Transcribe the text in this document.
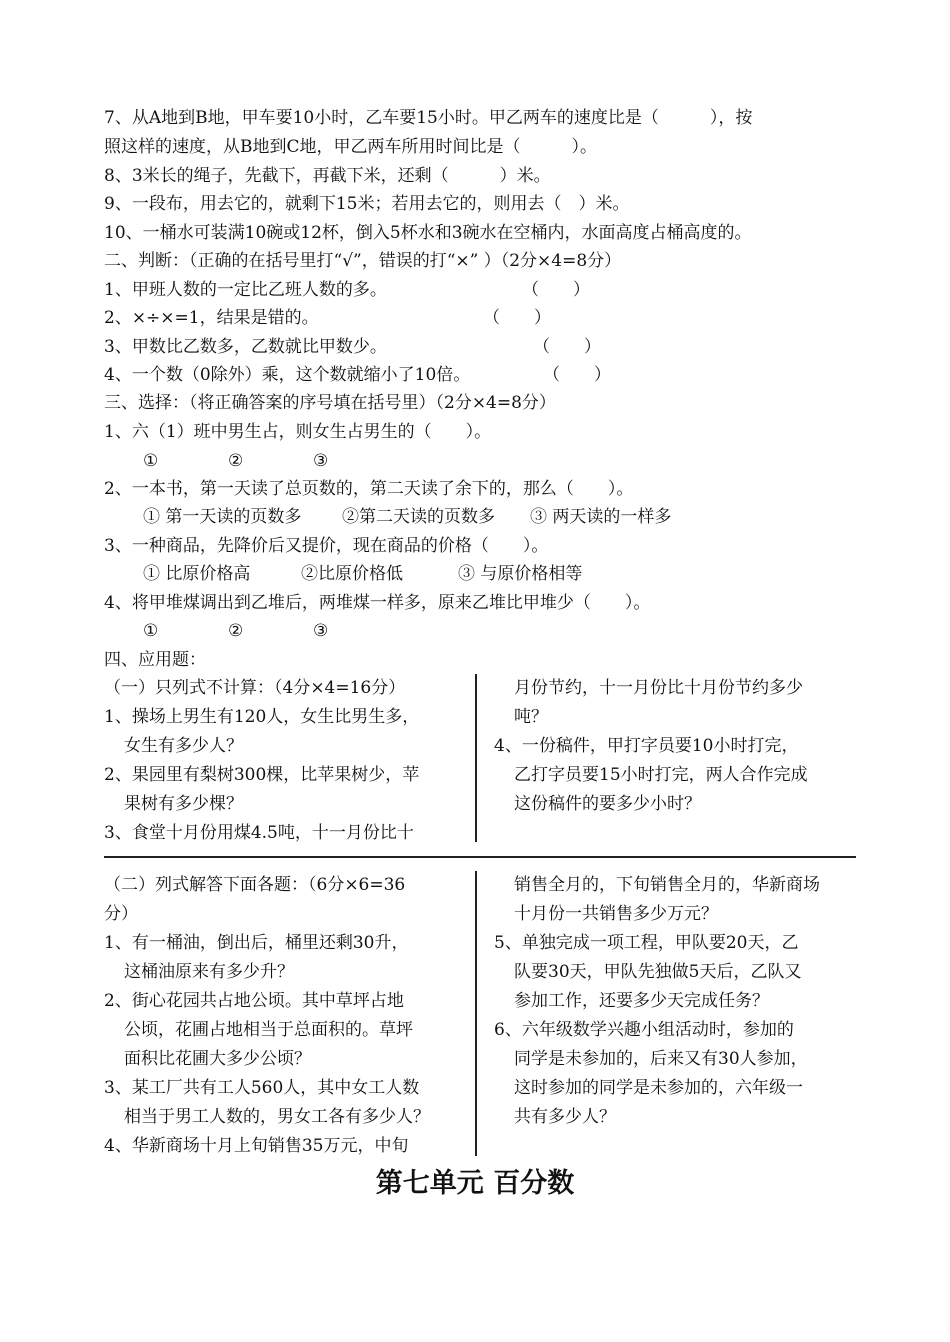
7、从A地到B地，甲车要10小时，乙车要15小时。甲乙两车的速度比是（　　　），按
照这样的速度，从B地到C地，甲乙两车所用时间比是（　　　）。
8、3米长的绳子，先截下，再截下米，还剩（　　　）米。
9、一段布，用去它的，就剩下15米；若用去它的，则用去（　）米。
10、一桶水可装满10碗或12杯，倒入5杯水和3碗水在空桶内，水面高度占桶高度的。
二、判断：（正确的在括号里打“√”，错误的打“×” ）（2分×4=8分）
1、甲班人数的一定比乙班人数的多。	（　　）
2、×÷×=1，结果是错的。	（　　）
3、甲数比乙数多，乙数就比甲数少。	（　　）
4、一个数（0除外）乘，这个数就缩小了10倍。	（　　）
三、选择：（将正确答案的序号填在括号里）（2分×4=8分）
1、六（1）班中男生占，则女生占男生的（　　）。
①	②	③
2、一本书，第一天读了总页数的，第二天读了余下的，那么（　　）。
① 第一天读的页数多 ②第二天读的页数多 ③ 两天读的一样多
3、一种商品，先降价后又提价，现在商品的价格（　　）。
① 比原价格高	②比原价格低	③ 与原价格相等
4、将甲堆煤调出到乙堆后，两堆煤一样多，原来乙堆比甲堆少（　　）。
①	②	③
四、应用题：
（一）只列式不计算：（4分×4=16分）
1、操场上男生有120人，女生比男生多，
女生有多少人？
2、果园里有梨树300棵，比苹果树少，苹
果树有多少棵？
3、食堂十月份用煤4.5吨，十一月份比十
月份节约，十一月份比十月份节约多少
吨？
4、一份稿件，甲打字员要10小时打完，
乙打字员要15小时打完，两人合作完成
这份稿件的要多少小时？
（二）列式解答下面各题：（6分×6=36
分）
1、有一桶油，倒出后，桶里还剩30升，
这桶油原来有多少升？
2、街心花园共占地公顷。其中草坪占地
公顷，花圃占地相当于总面积的。草坪
面积比花圃大多少公顷？
3、某工厂共有工人560人，其中女工人数
相当于男工人数的，男女工各有多少人？
4、华新商场十月上旬销售35万元，中旬
销售全月的，下旬销售全月的，华新商场
十月份一共销售多少万元？
5、单独完成一项工程，甲队要20天，乙
队要30天，甲队先独做5天后，乙队又
参加工作，还要多少天完成任务？
6、六年级数学兴趣小组活动时，参加的
同学是未参加的，后来又有30人参加，
这时参加的同学是未参加的，六年级一
共有多少人？
第七单元 百分数
